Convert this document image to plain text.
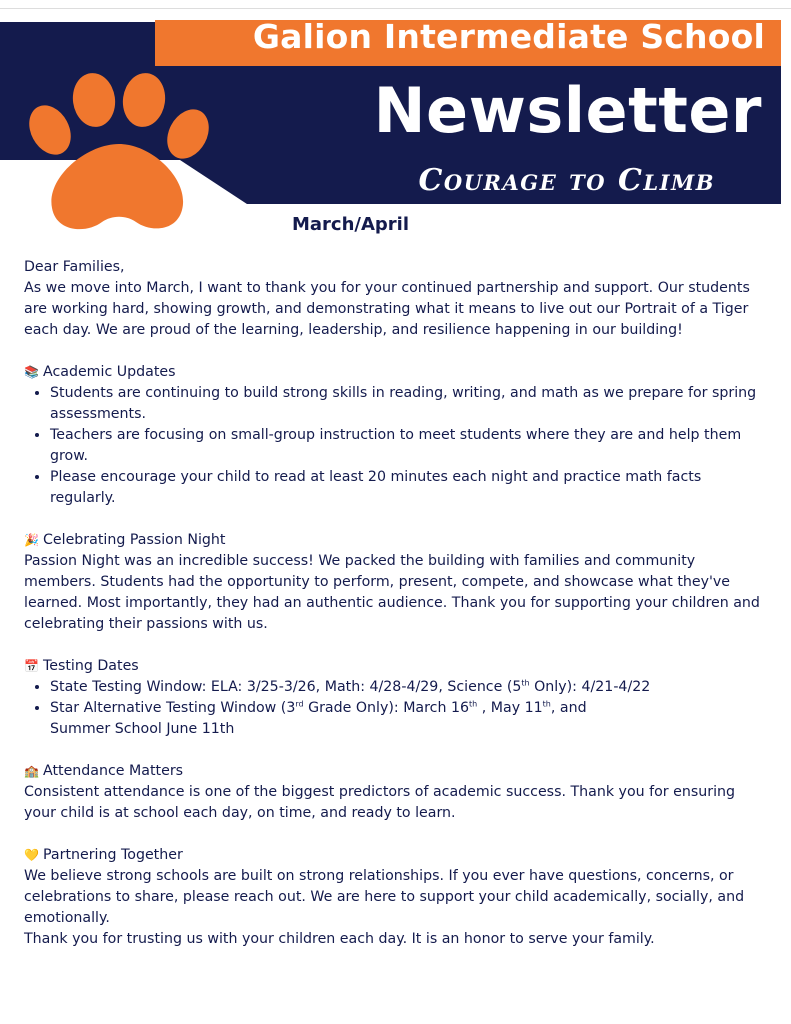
Galion Intermediate School
Newsletter
Courage to Climb
March/April

Dear Families,

As we move into March, I want to thank you for your continued partnership and support. Our students are working hard, showing growth, and demonstrating what it means to live out our Portrait of a Tiger each day. We are proud of the learning, leadership, and resilience happening in our building!

📚 Academic Updates
• Students are continuing to build strong skills in reading, writing, and math as we prepare for spring assessments.
• Teachers are focusing on small-group instruction to meet students where they are and help them grow.
• Please encourage your child to read at least 20 minutes each night and practice math facts regularly.
🎉 Celebrating Passion Night

Passion Night was an incredible success! We packed the building with families and community members. Students had the opportunity to perform, present, compete, and showcase what they've learned. Most importantly, they had an authentic audience. Thank you for supporting your children and celebrating their passions with us.

📅 Testing Dates
• State Testing Window: ELA: 3/25-3/26, Math: 4/28-4/29, Science (5th Only): 4/21-4/22
• Star Alternative Testing Window (3rd Grade Only): March 16th , May 11th, and
Summer School June 11th
🏫 Attendance Matters

Consistent attendance is one of the biggest predictors of academic success. Thank you for ensuring your child is at school each day, on time, and ready to learn.

💛 Partnering Together

We believe strong schools are built on strong relationships. If you ever have questions, concerns, or celebrations to share, please reach out. We are here to support your child academically, socially, and emotionally.

Thank you for trusting us with your children each day. It is an honor to serve your family.
